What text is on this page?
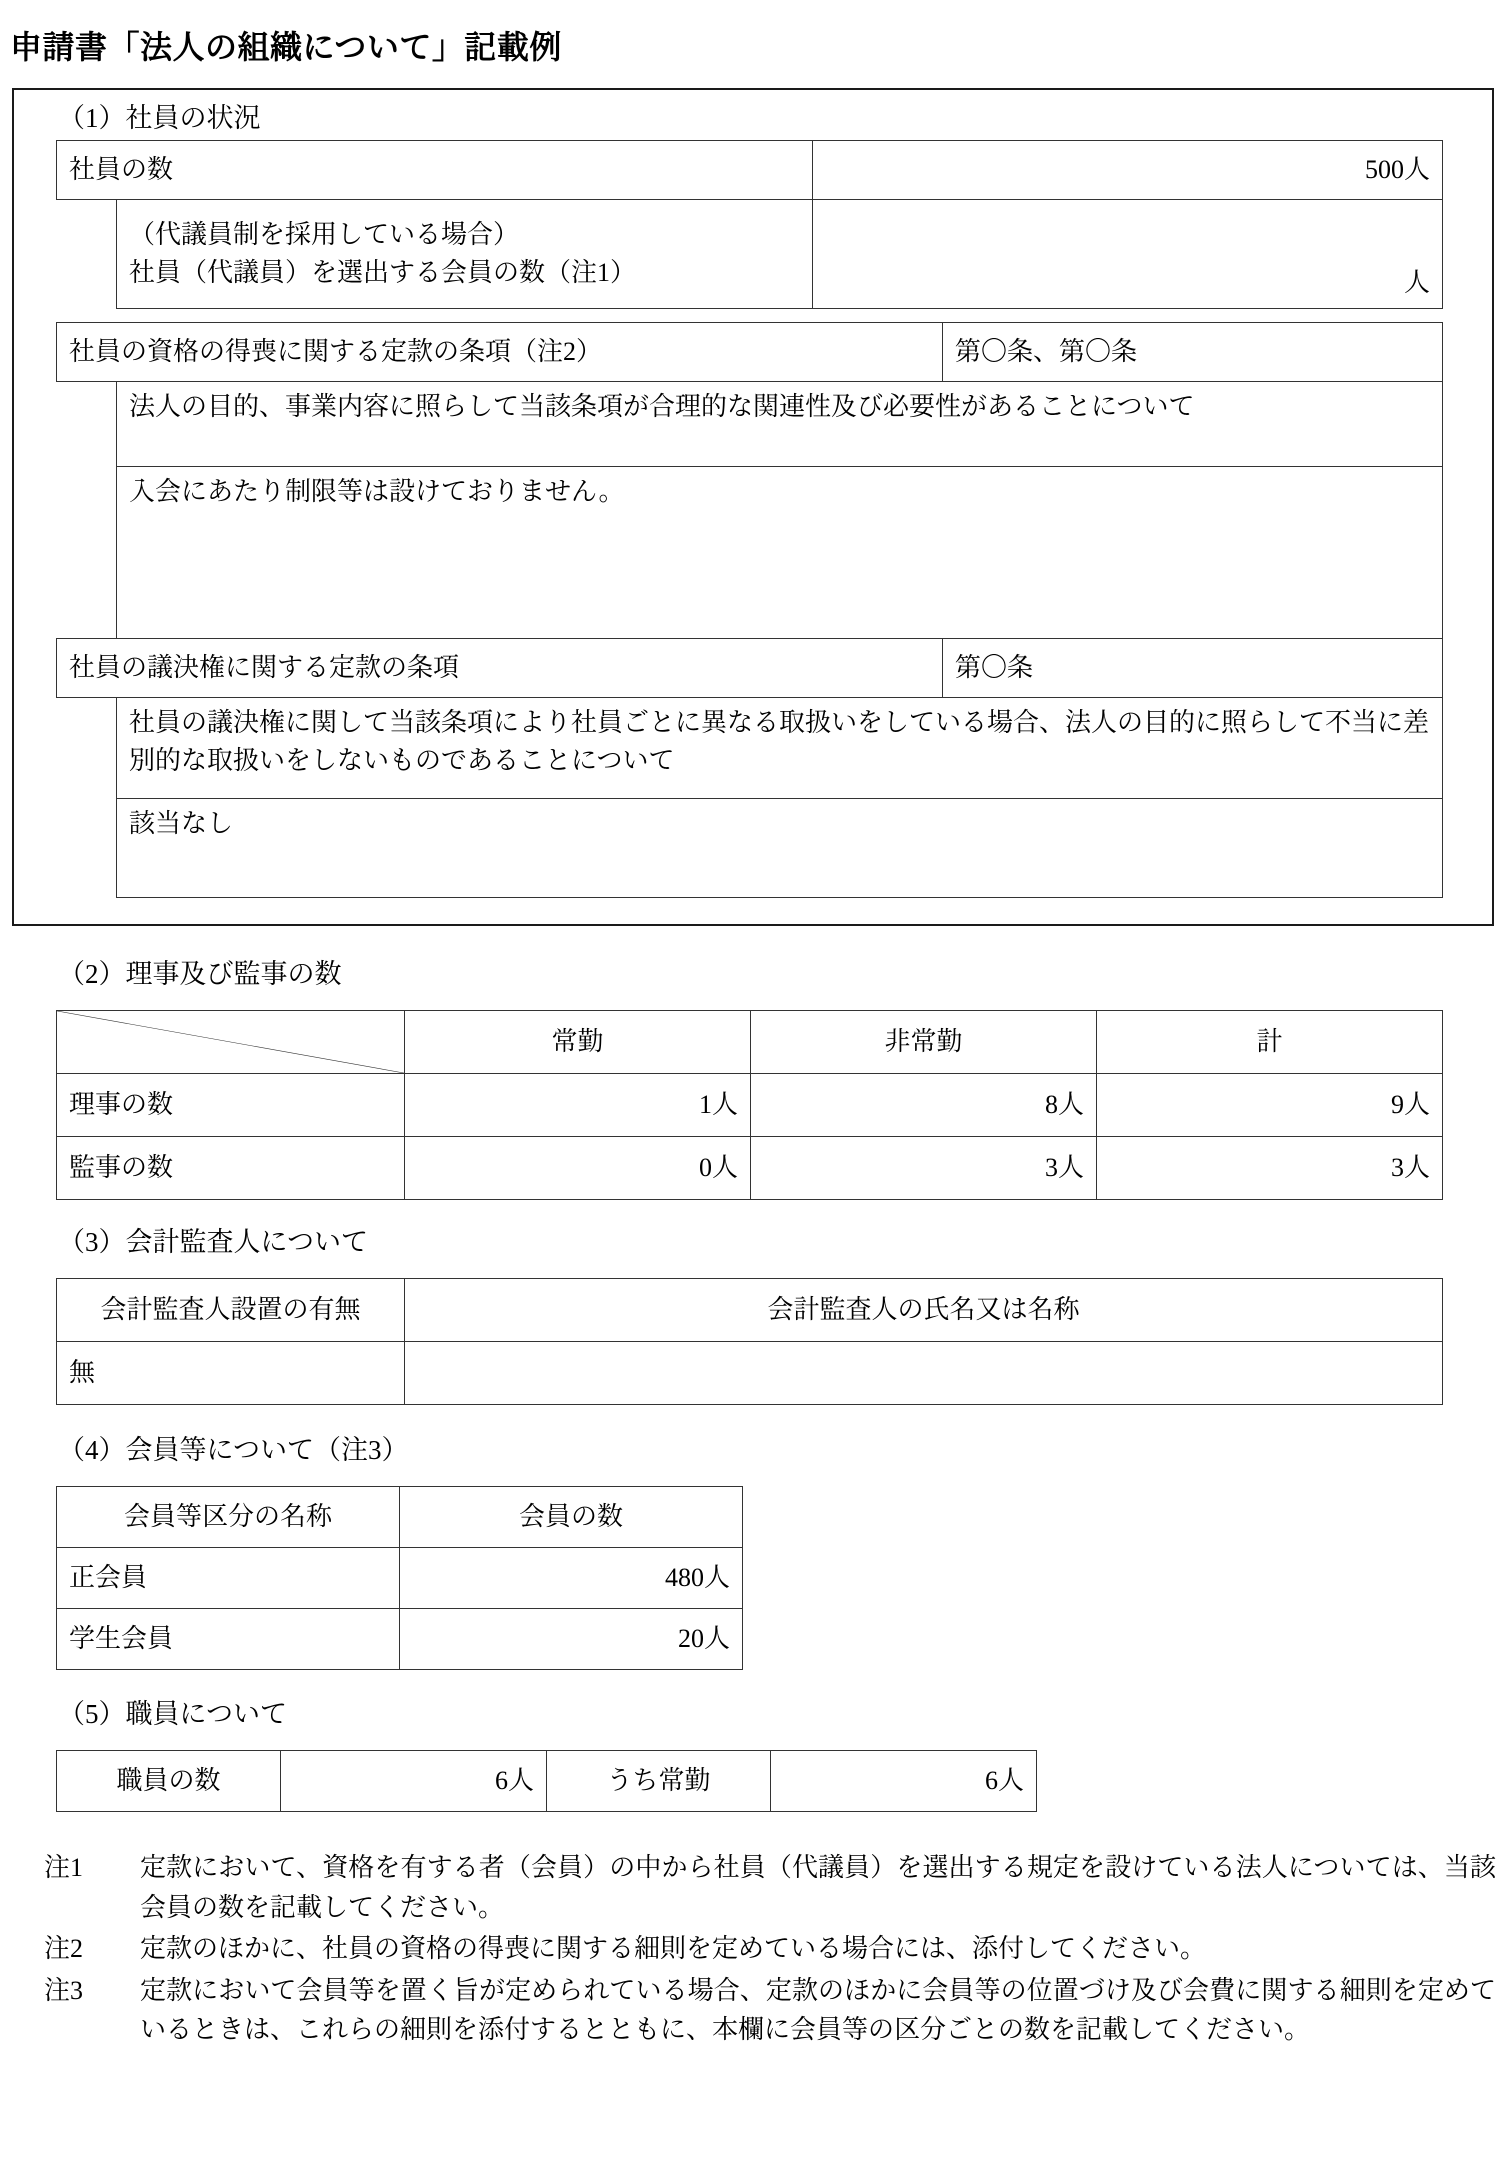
申請書「法人の組織について」記載例
（1）社員の状況
社員の数		500人

	（代議員制を採用している場合）
社員（代議員）を選出する会員の数（注1）	人
社員の資格の得喪に関する定款の条項（注2）		第〇条、第〇条
	法人の目的、事業内容に照らして当該条項が合理的な関連性及び必要性があることについて	
	入会にあたり制限等は設けておりません。	
社員の議決権に関する定款の条項		第〇条
	社員の議決権に関して当該条項により社員ごとに異なる取扱いをしている場合、法人の目的に照らして不当に差別的な取扱いをしないものであることについて	
	該当なし	
（2）理事及び監事の数
	常勤	非常勤	計
理事の数	1人	8人	9人
監事の数	0人	3人	3人
（3）会計監査人について
会計監査人設置の有無	会計監査人の氏名又は名称
無	
（4）会員等について（注3）
会員等区分の名称	会員の数
正会員	480人
学生会員	20人
（5）職員について
職員の数	6人	うち常勤	6人
注1	定款において、資格を有する者（会員）の中から社員（代議員）を選出する規定を設けている法人については、当該会員の数を記載してください。
注2	定款のほかに、社員の資格の得喪に関する細則を定めている場合には、添付してください。
注3	定款において会員等を置く旨が定められている場合、定款のほかに会員等の位置づけ及び会費に関する細則を定めているときは、これらの細則を添付するとともに、本欄に会員等の区分ごとの数を記載してください。
